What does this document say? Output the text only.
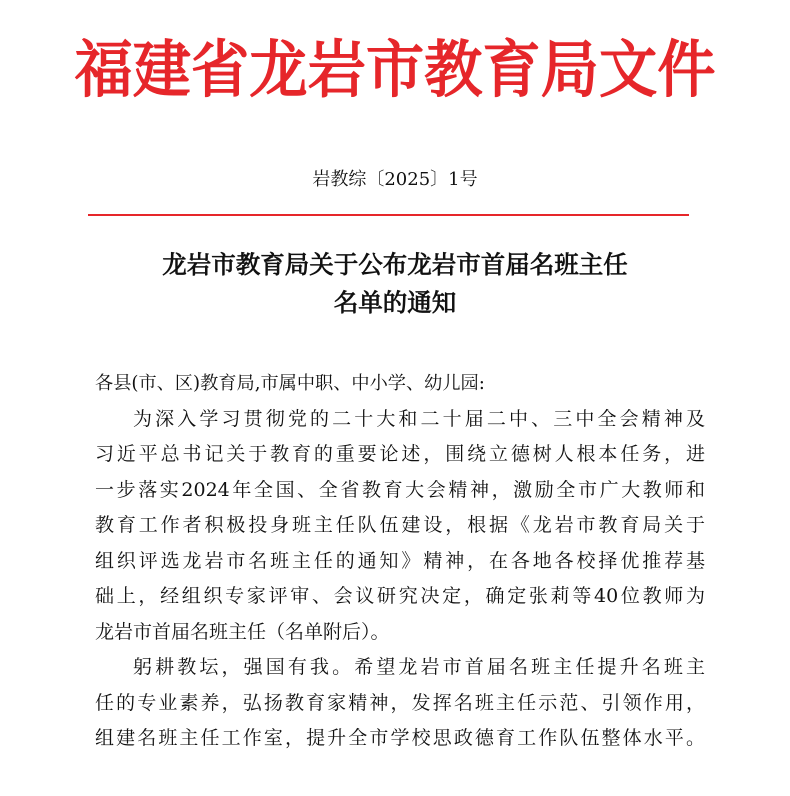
福建省龙岩市教育局文件
岩教综〔2025〕1号
龙岩市教育局关于公布龙岩市首届名班主任
名单的通知

各县(市、区)教育局,市属中职、中小学、幼儿园:

为深入学习贯彻党的二十大和二十届二中、三中全会精神及
习近平总书记关于教育的重要论述，围绕立德树人根本任务，进
一步落实2024年全国、全省教育大会精神，激励全市广大教师和
教育工作者积极投身班主任队伍建设，根据《龙岩市教育局关于
组织评选龙岩市名班主任的通知》精神，在各地各校择优推荐基
础上，经组织专家评审、会议研究决定，确定张莉等40位教师为
龙岩市首届名班主任（名单附后）。

躬耕教坛，强国有我。希望龙岩市首届名班主任提升名班主
任的专业素养，弘扬教育家精神，发挥名班主任示范、引领作用，
组建名班主任工作室，提升全市学校思政德育工作队伍整体水平。
